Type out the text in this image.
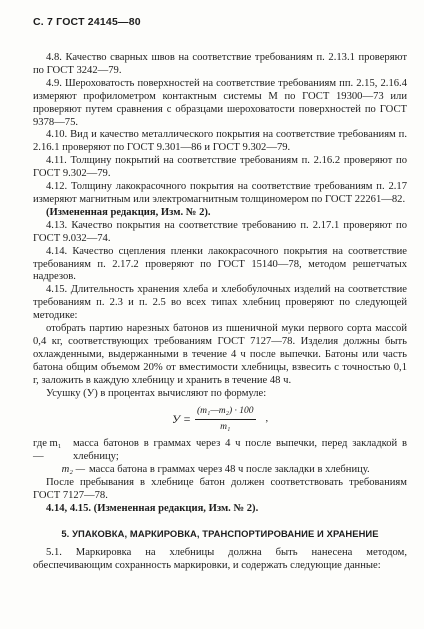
С. 7 ГОСТ 24145—80

4.8. Качество сварных швов на соответствие требованиям п. 2.13.1 проверяют по ГОСТ 3242—79.

4.9. Шероховатость поверхностей на соответствие требованиям пп. 2.15, 2.16.4 измеряют профилометром контактным системы М по ГОСТ 19300—73 или проверяют путем сравнения с образцами шероховатости поверхностей по ГОСТ 9378—75.

4.10. Вид и качество металлического покрытия на соответствие требованиям п. 2.16.1 проверяют по ГОСТ 9.301—86 и ГОСТ 9.302—79.

4.11. Толщину покрытий на соответствие требованиям п. 2.16.2 проверяют по ГОСТ 9.302—79.

4.12. Толщину лакокрасочного покрытия на соответствие требованиям п. 2.17 измеряют магнитным или электромагнитным толщиномером по ГОСТ 22261—82.

(Измененная редакция, Изм. № 2).

4.13. Качество покрытия на соответствие требованию п. 2.17.1 проверяют по ГОСТ 9.032—74.

4.14. Качество сцепления пленки лакокрасочного покрытия на соответствие требованиям п. 2.17.2 проверяют по ГОСТ 15140—78, методом решетчатых надрезов.

4.15. Длительность хранения хлеба и хлебобулочных изделий на соответствие требованиям п. 2.3 и п. 2.5 во всех типах хлебниц проверяют по следующей методике:

отобрать партию нарезных батонов из пшеничной муки первого сорта массой 0,4 кг, соответствующих требованиям ГОСТ 7127—78. Изделия должны быть охлажденными, выдержанными в течение 4 ч после выпечки. Батоны или часть батона общим объемом 20% от вместимости хлебницы, взвесить с точностью 0,1 г, заложить в каждую хлебницу и хранить в течение 48 ч.

Усушку (У) в процентах вычисляют по формуле:

$У = \frac{\text{(m₁—m₂) · 100}}{\text{m₁}}$ ,
где m₁ —
масса батонов в граммах через 4 ч после выпечки, перед закладкой в хлебницу;
m₂ — масса батона в граммах через 48 ч после закладки в хлебницу.

После пребывания в хлебнице батон должен соответствовать требованиям ГОСТ 7127—78.

4.14, 4.15. (Измененная редакция, Изм. № 2).

5. УПАКОВКА, МАРКИРОВКА, ТРАНСПОРТИРОВАНИЕ И ХРАНЕНИЕ

5.1. Маркировка на хлебницы должна быть нанесена методом, обеспечивающим сохранность маркировки, и содержать следующие данные:
